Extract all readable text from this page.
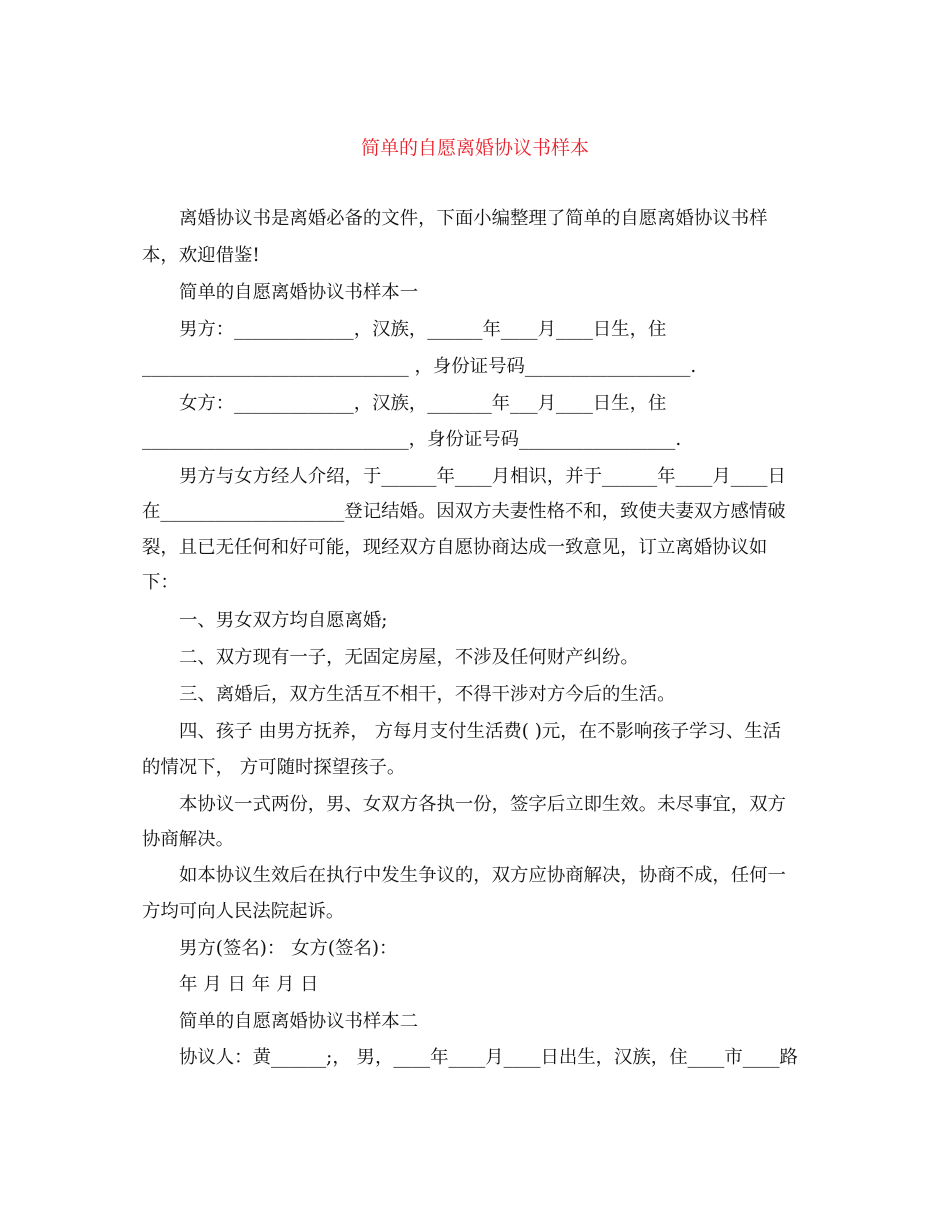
简单的自愿离婚协议书样本
离婚协议书是离婚必备的文件，下面小编整理了简单的自愿离婚协议书样
本，欢迎借鉴!
简单的自愿离婚协议书样本一
男方：_____________，汉族，______年____月____日生，住
_____________________________ ，身份证号码__________________.
女方：_____________，汉族，_______年___月____日生，住
_____________________________，身份证号码_________________.
男方与女方经人介绍，于______年____月相识，并于______年____月____日
在____________________登记结婚。因双方夫妻性格不和，致使夫妻双方感情破
裂，且已无任何和好可能，现经双方自愿协商达成一致意见，订立离婚协议如
下：
一、男女双方均自愿离婚;
二、双方现有一子，无固定房屋，不涉及任何财产纠纷。
三、离婚后，双方生活互不相干，不得干涉对方今后的生活。
四、孩子 由男方抚养， 方每月支付生活费( )元，在不影响孩子学习、生活
的情况下， 方可随时探望孩子。
本协议一式两份，男、女双方各执一份，签字后立即生效。未尽事宜，双方
协商解决。
如本协议生效后在执行中发生争议的，双方应协商解决，协商不成，任何一
方均可向人民法院起诉。
男方(签名)： 女方(签名)：
年 月 日 年 月 日
简单的自愿离婚协议书样本二
协议人：黄______;， 男，____年____月____日出生，汉族，住____市____路
